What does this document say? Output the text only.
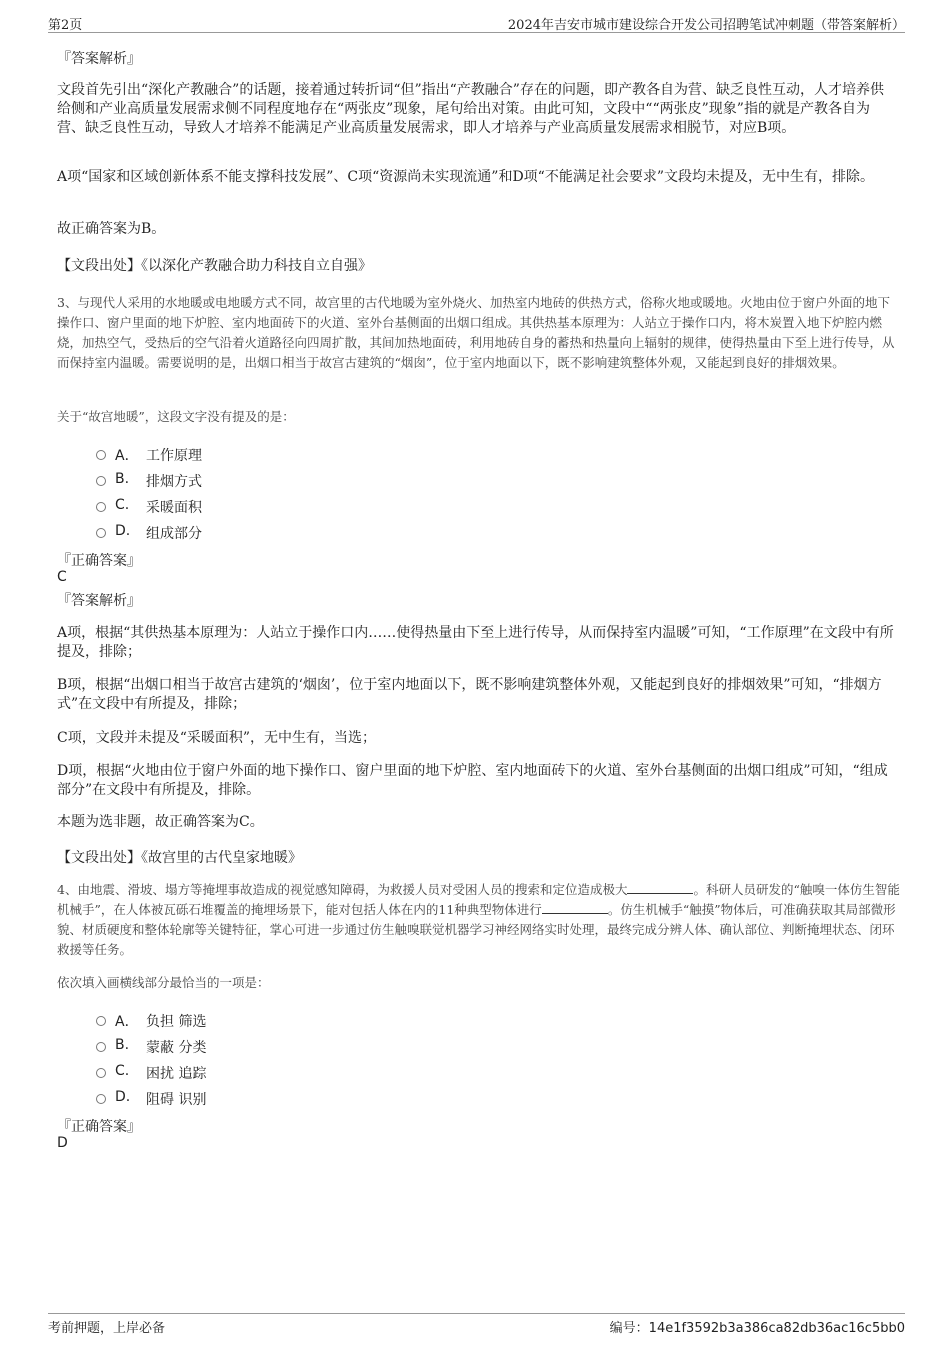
第2页	2024年吉安市城市建设综合开发公司招聘笔试冲刺题（带答案解析）

『答案解析』

文段首先引出“深化产教融合”的话题，接着通过转折词“但”指出“产教融合”存在的问题，即产教各自为营、缺乏良性互动，人才培养供给侧和产业高质量发展需求侧不同程度地存在“两张皮”现象，尾句给出对策。由此可知，文段中““两张皮”现象”指的就是产教各自为营、缺乏良性互动，导致人才培养不能满足产业高质量发展需求，即人才培养与产业高质量发展需求相脱节，对应B项。

A项“国家和区域创新体系不能支撑科技发展”、C项“资源尚未实现流通”和D项“不能满足社会要求”文段均未提及，无中生有，排除。

故正确答案为B。

【文段出处】《以深化产教融合助力科技自立自强》

3、与现代人采用的水地暖或电地暖方式不同，故宫里的古代地暖为室外烧火、加热室内地砖的供热方式，俗称火地或暖地。火地由位于窗户外面的地下操作口、窗户里面的地下炉腔、室内地面砖下的火道、室外台基侧面的出烟口组成。其供热基本原理为：人站立于操作口内，将木炭置入地下炉腔内燃烧，加热空气，受热后的空气沿着火道路径向四周扩散，其间加热地面砖，利用地砖自身的蓄热和热量向上辐射的规律，使得热量由下至上进行传导，从而保持室内温暖。需要说明的是，出烟口相当于故宫古建筑的“烟囱”，位于室内地面以下，既不影响建筑整体外观，又能起到良好的排烟效果。

关于“故宫地暖”，这段文字没有提及的是：

A． 工作原理
B. 排烟方式
C. 采暖面积
D. 组成部分

『正确答案』

C

『答案解析』

A项，根据“其供热基本原理为：人站立于操作口内……使得热量由下至上进行传导，从而保持室内温暖”可知，“工作原理”在文段中有所提及，排除；

B项，根据“出烟口相当于故宫古建筑的‘烟囱’，位于室内地面以下，既不影响建筑整体外观，又能起到良好的排烟效果”可知，“排烟方式”在文段中有所提及，排除；

C项，文段并未提及“采暖面积”，无中生有，当选；

D项，根据“火地由位于窗户外面的地下操作口、窗户里面的地下炉腔、室内地面砖下的火道、室外台基侧面的出烟口组成”可知，“组成部分”在文段中有所提及，排除。

本题为选非题，故正确答案为C。

【文段出处】《故宫里的古代皇家地暖》

4、由地震、滑坡、塌方等掩埋事故造成的视觉感知障碍，为救援人员对受困人员的搜索和定位造成极大	。科研人员研发的“触嗅一体仿生智能机械手”，在人体被瓦砾石堆覆盖的掩埋场景下，能对包括人体在内的11种典型物体进行	。仿生机械手“触摸”物体后，可准确获取其局部微形貌、材质硬度和整体轮廓等关键特征，掌心可进一步通过仿生触嗅联觉机器学习神经网络实时处理，最终完成分辨人体、确认部位、判断掩埋状态、闭环救援等任务。

依次填入画横线部分最恰当的一项是：

A． 负担 筛选
B. 蒙蔽 分类
C. 困扰 追踪
D. 阻碍 识别

『正确答案』

D

考前押题，上岸必备	编号：14e1f3592b3a386ca82db36ac16c5bb0
